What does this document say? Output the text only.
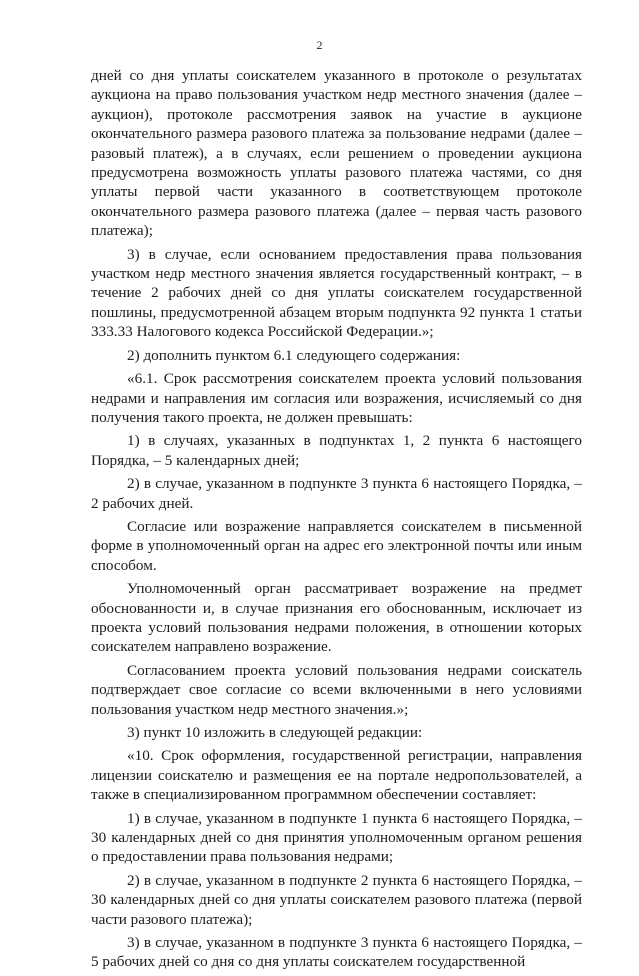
2

дней со дня уплаты соискателем указанного в протоколе о результатах аукциона на право пользования участком недр местного значения (далее – аукцион), протоколе рассмотрения заявок на участие в аукционе окончательного размера разового платежа за пользование недрами (далее – разовый платеж), а в случаях, если решением о проведении аукциона предусмотрена возможность уплаты разового платежа частями, со дня уплаты первой части указанного в соответствующем протоколе окончательного размера разового платежа (далее – первая часть разового платежа);

3) в случае, если основанием предоставления права пользования участком недр местного значения является государственный контракт, – в течение 2 рабочих дней со дня уплаты соискателем государственной пошлины, предусмотренной абзацем вторым подпункта 92 пункта 1 статьи 333.33 Налогового кодекса Российской Федерации.»;

2) дополнить пунктом 6.1 следующего содержания:

«6.1. Срок рассмотрения соискателем проекта условий пользования недрами и направления им согласия или возражения, исчисляемый со дня получения такого проекта, не должен превышать:

1) в случаях, указанных в подпунктах 1, 2 пункта 6 настоящего Порядка, – 5 календарных дней;

2) в случае, указанном в подпункте 3 пункта 6 настоящего Порядка, – 2 рабочих дней.

Согласие или возражение направляется соискателем в письменной форме в уполномоченный орган на адрес его электронной почты или иным способом.

Уполномоченный орган рассматривает возражение на предмет обоснованности и, в случае признания его обоснованным, исключает из проекта условий пользования недрами положения, в отношении которых соискателем направлено возражение.

Согласованием проекта условий пользования недрами соискатель подтверждает свое согласие со всеми включенными в него условиями пользования участком недр местного значения.»;

3) пункт 10 изложить в следующей редакции:

«10. Срок оформления, государственной регистрации, направления лицензии соискателю и размещения ее на портале недропользователей, а также в специализированном программном обеспечении составляет:

1) в случае, указанном в подпункте 1 пункта 6 настоящего Порядка, – 30 календарных дней со дня принятия уполномоченным органом решения о предоставлении права пользования недрами;

2) в случае, указанном в подпункте 2 пункта 6 настоящего Порядка, – 30 календарных дней со дня уплаты соискателем разового платежа (первой части разового платежа);

3) в случае, указанном в подпункте 3 пункта 6 настоящего Порядка, – 5 рабочих дней со дня со дня уплаты соискателем государственной
